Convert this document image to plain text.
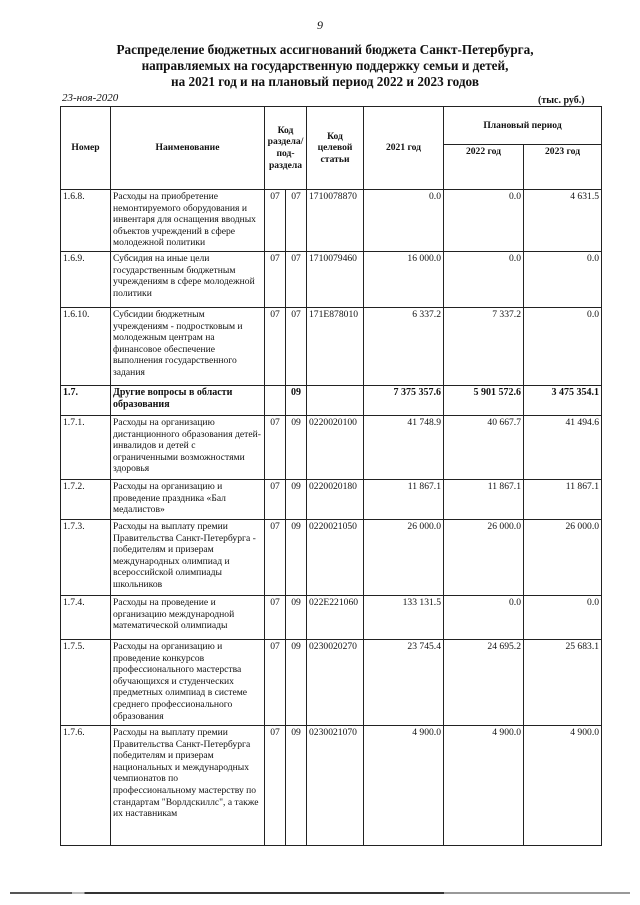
9
Распределение бюджетных ассигнований бюджета Санкт-Петербурга,
направляемых на государственную поддержку семьи и детей,
на 2021 год и на плановый период 2022 и 2023 годов
23-ноя-2020	(тыс. руб.)
Номер	Наименование	Код раздела/ под-раздела		Код целевой статьи	2021 год	Плановый период	
						2022 год	2023 год
1.6.8.	Расходы на приобретение немонтируемого оборудования и инвентаря для оснащения вводных объектов учреждений в сфере молодежной политики	07	07	1710078870	0.0	0.0	4 631.5
1.6.9.	Субсидия на иные цели государственным бюджетным учреждениям в сфере молодежной политики	07	07	1710079460	16 000.0	0.0	0.0
1.6.10.	Субсидии бюджетным учреждениям - подростковым и молодежным центрам на финансовое обеспечение выполнения государственного задания	07	07	171E878010	6 337.2	7 337.2	0.0
1.7.	Другие вопросы в области образования		09		7 375 357.6	5 901 572.6	3 475 354.1
1.7.1.	Расходы на организацию дистанционного образования детей-инвалидов и детей с ограниченными возможностями здоровья	07	09	0220020100	41 748.9	40 667.7	41 494.6
1.7.2.	Расходы на организацию и проведение праздника «Бал медалистов»	07	09	0220020180	11 867.1	11 867.1	11 867.1
1.7.3.	Расходы на выплату премии Правительства Санкт-Петербурга - победителям и призерам международных олимпиад и всероссийской олимпиады школьников	07	09	0220021050	26 000.0	26 000.0	26 000.0
1.7.4.	Расходы на проведение и организацию международной математической олимпиады	07	09	022E221060	133 131.5	0.0	0.0
1.7.5.	Расходы на организацию и проведение конкурсов профессионального мастерства обучающихся и студенческих предметных олимпиад в системе среднего профессионального образования	07	09	0230020270	23 745.4	24 695.2	25 683.1
1.7.6.	Расходы на выплату премии Правительства Санкт-Петербурга победителям и призерам национальных и международных чемпионатов по профессиональному мастерству по стандартам "Ворлдскиллс", а также их наставникам	07	09	0230021070	4 900.0	4 900.0	4 900.0
